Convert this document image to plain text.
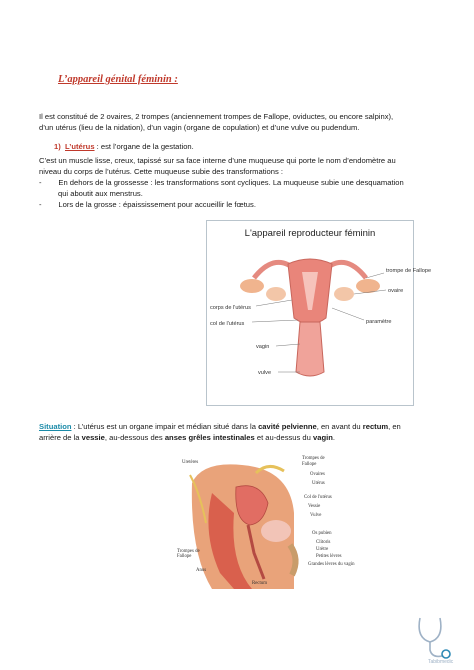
L’appareil génital féminin :
Il est constitué de 2 ovaires, 2 trompes (anciennement trompes de Fallope, oviductes, ou encore salpinx),
d’un utérus (lieu de la nidation), d’un vagin (organe de copulation) et d’une vulve ou pudendum.
1) L’utérus : est l’organe de la gestation.
C’est un muscle lisse, creux, tapissé sur sa face interne d’une muqueuse qui porte le nom d’endomètre au
niveau du corps de l’utérus. Cette muqueuse subie des transformations :
-        En dehors de la grossesse : les transformations sont cycliques. La muqueuse subie une desquamation
qui aboutit aux menstrus.
-        Lors de la grosse : épaississement pour accueillir le fœtus.
L'appareil reproducteur féminin
trompe de Fallope
ovaire
paramètre
corps de l'utérus
col de l'utérus
vagin
vulve
Situation : L’utérus est un organe impair et médian situé dans la cavité pelvienne, en avant du rectum, en
arrière de la vessie, au-dessous des anses grêles intestinales et au-dessus du vagin.
Uretères
Trompes de Fallope
Anus
Trompes de Fallope
Ovaires
Utérus
Col de l'utérus
Vessie
Vulve
Os pubien
Clitoris
Urètre
Petites lèvres
Grandes lèvres du vagin
Rectum
Tabibmedic
